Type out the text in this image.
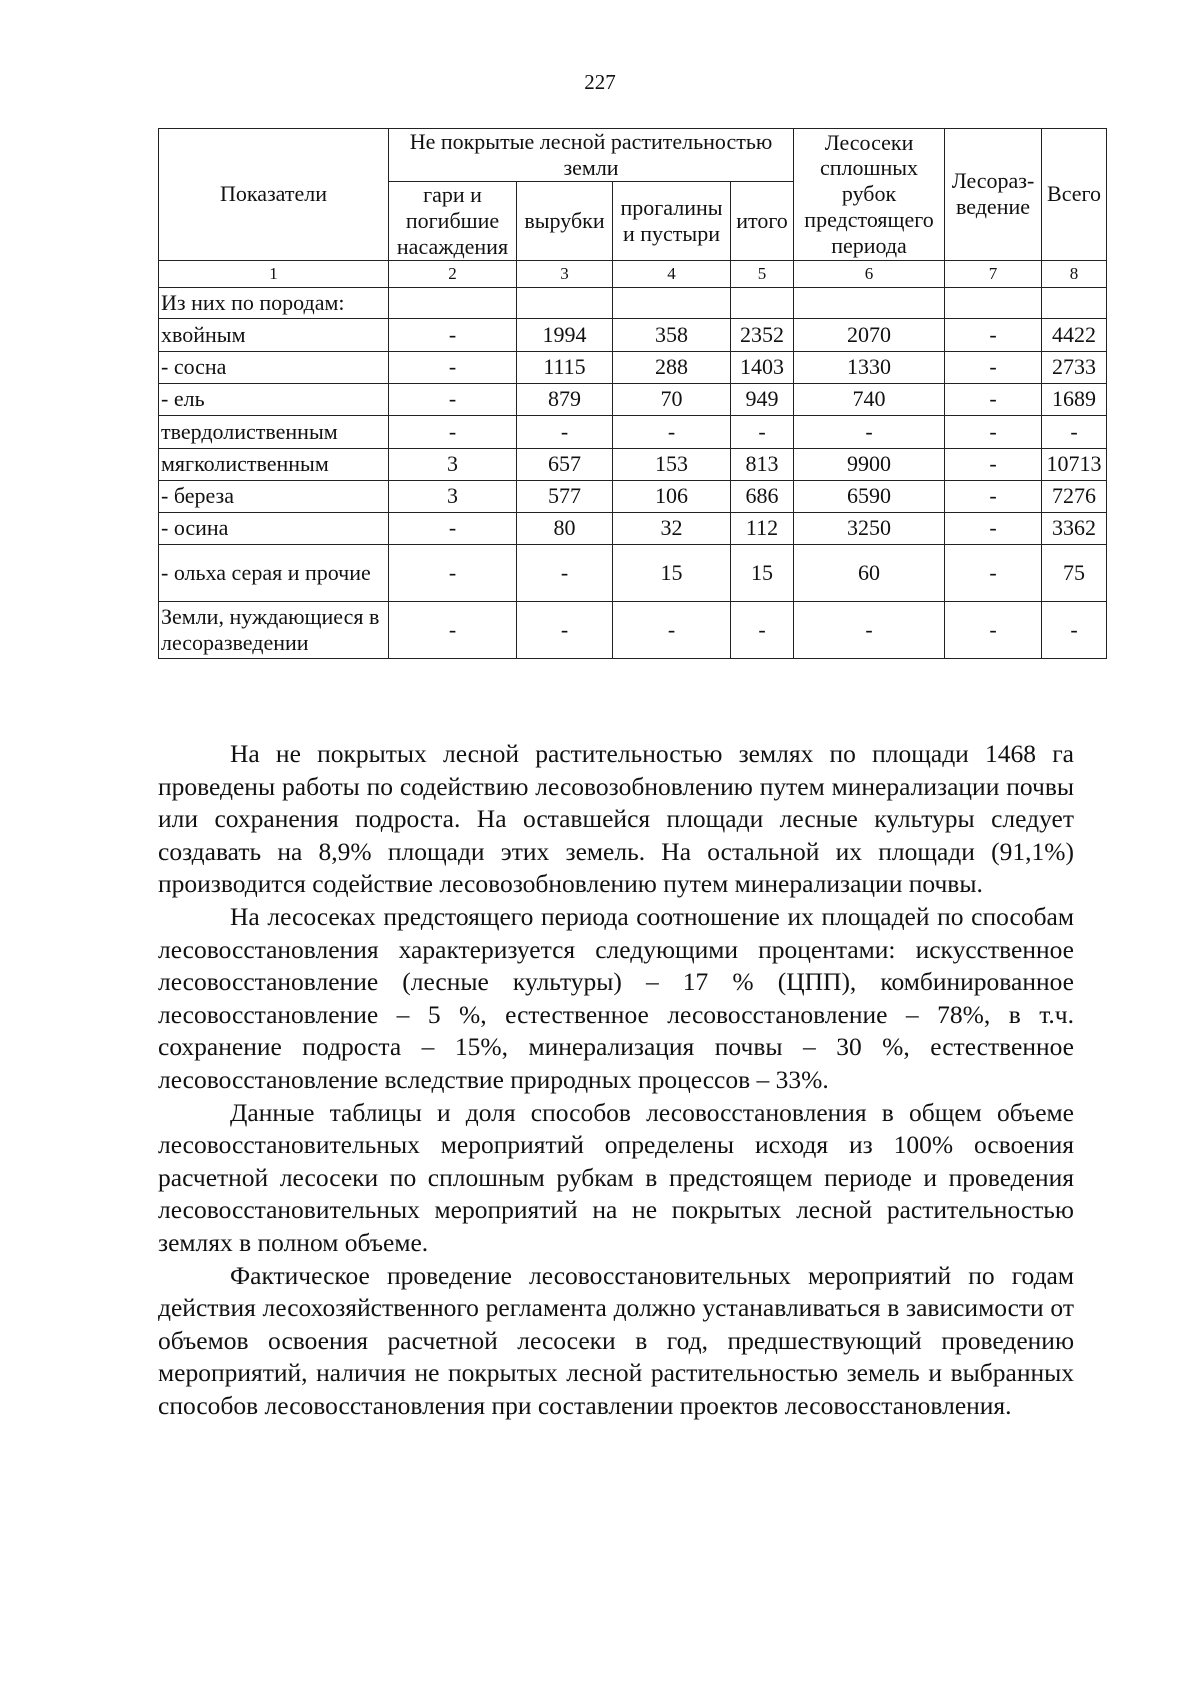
227
Показатели	Не покрытые лесной растительностью земли				Лесосеки сплошных рубок предстоящего периода	Лесораз- ведение	Всего
	гари и погибшие насаждения	вырубки	прогалины и пустыри	итого			
1	2	3	4	5	6	7	8
Из них по породам:							
хвойным	-	1994	358	2352	2070	-	4422
- сосна	-	1115	288	1403	1330	-	2733
- ель	-	879	70	949	740	-	1689
твердолиственным	-	-	-	-	-	-	-
мягколиственным	3	657	153	813	9900	-	10713
- береза	3	577	106	686	6590	-	7276
- осина	-	80	32	112	3250	-	3362
- ольха серая и прочие	-	-	15	15	60	-	75
Земли, нуждающиеся в лесоразведении	-	-	-	-	-	-	-

На не покрытых лесной растительностью землях по площади 1468 га проведены работы по содействию лесовозобновлению путем минерализации почвы или сохранения подроста. На оставшейся площади лесные культуры следует создавать на 8,9% площади этих земель. На остальной их площади (91,1%) производится содействие лесовозобновлению путем минерализации почвы.

На лесосеках предстоящего периода соотношение их площадей по способам лесовосстановления характеризуется следующими процентами: искусственное лесовосстановление (лесные культуры) – 17 % (ЦПП), комбинированное лесовосстановление – 5 %, естественное лесовосстановление – 78%, в т.ч. сохранение подроста – 15%, минерализация почвы – 30 %, естественное лесовосстановление вследствие природных процессов – 33%.

Данные таблицы и доля способов лесовосстановления в общем объеме лесовосстановительных мероприятий определены исходя из 100% освоения расчетной лесосеки по сплошным рубкам в предстоящем периоде и проведения лесовосстановительных мероприятий на не покрытых лесной растительностью землях в полном объеме.

Фактическое проведение лесовосстановительных мероприятий по годам действия лесохозяйственного регламента должно устанавливаться в зависимости от объемов освоения расчетной лесосеки в год, предшествующий проведению мероприятий, наличия не покрытых лесной растительностью земель и выбранных способов лесовосстановления при составлении проектов лесовосстановления.
